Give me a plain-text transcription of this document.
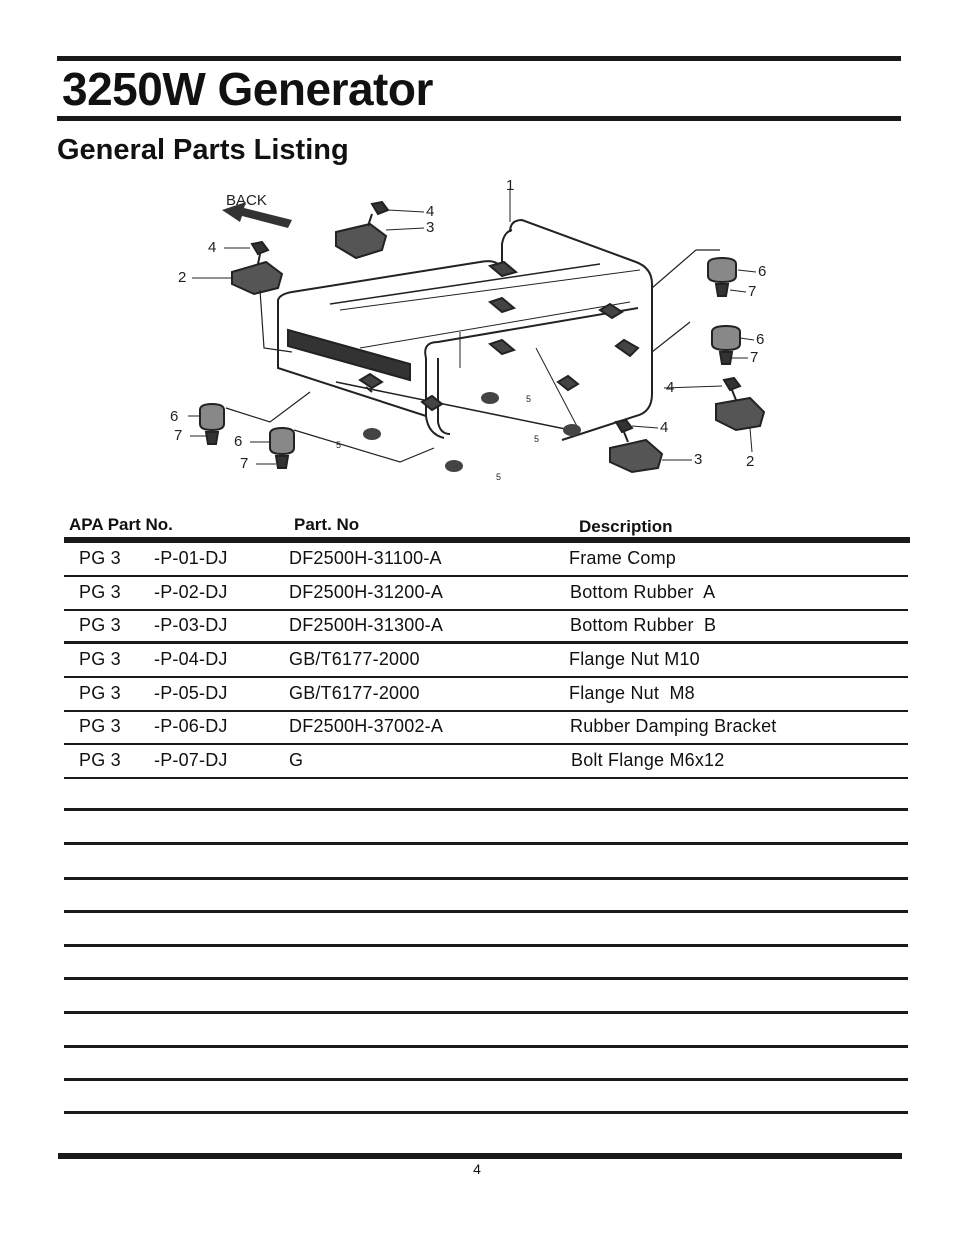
3250W Generator
General Parts Listing
BACK
1
4
3
4
2	6
7
6
7
4
4
3	2
6
7	6
7
5
5
5
5
APA Part No.	Part. No	Description
PG 3 -P-01-DJ	DF2500H-31100-A	Frame Comp
PG 3 -P-02-DJ	DF2500H-31200-A	Bottom Rubber  A
PG 3 -P-03-DJ	DF2500H-31300-A	Bottom Rubber  B
PG 3 -P-04-DJ	GB/T6177-2000	Flange Nut M10
PG 3 -P-05-DJ	GB/T6177-2000	Flange Nut  M8
PG 3 -P-06-DJ	DF2500H-37002-A	Rubber Damping Bracket
PG 3 -P-07-DJ	G	Bolt Flange M6x12
4
